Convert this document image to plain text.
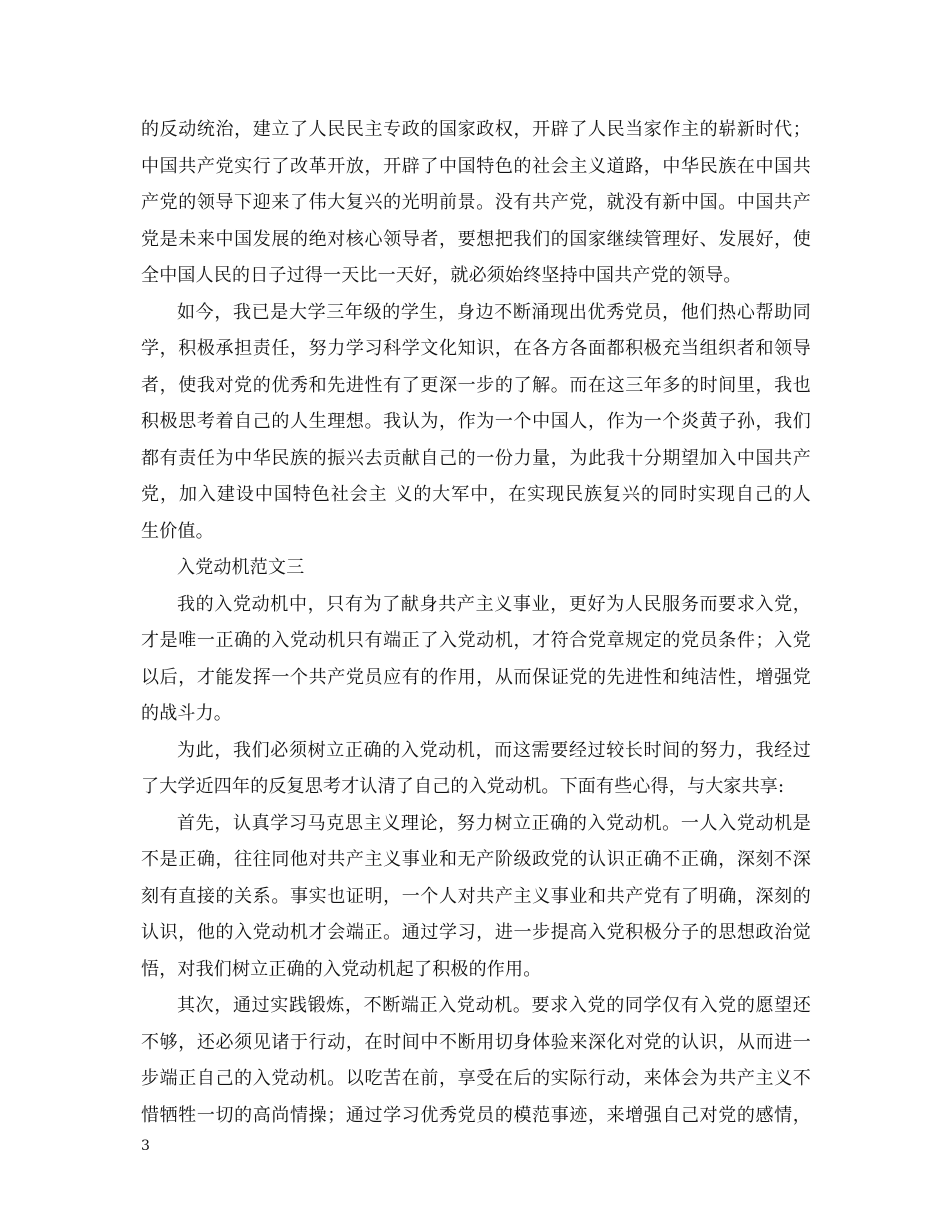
的反动统治，建立了人民民主专政的国家政权，开辟了人民当家作主的崭新时代；
中国共产党实行了改革开放，开辟了中国特色的社会主义道路，中华民族在中国共
产党的领导下迎来了伟大复兴的光明前景。没有共产党，就没有新中国。中国共产
党是未来中国发展的绝对核心领导者，要想把我们的国家继续管理好、发展好，使
全中国人民的日子过得一天比一天好，就必须始终坚持中国共产党的领导。
如今，我已是大学三年级的学生，身边不断涌现出优秀党员，他们热心帮助同
学，积极承担责任，努力学习科学文化知识，在各方各面都积极充当组织者和领导
者，使我对党的优秀和先进性有了更深一步的了解。而在这三年多的时间里，我也
积极思考着自己的人生理想。我认为，作为一个中国人，作为一个炎黄子孙，我们
都有责任为中华民族的振兴去贡献自己的一份力量，为此我十分期望加入中国共产
党，加入建设中国特色社会主 义的大军中，在实现民族复兴的同时实现自己的人
生价值。
入党动机范文三
我的入党动机中，只有为了献身共产主义事业，更好为人民服务而要求入党，
才是唯一正确的入党动机只有端正了入党动机，才符合党章规定的党员条件；入党
以后，才能发挥一个共产党员应有的作用，从而保证党的先进性和纯洁性，增强党
的战斗力。
为此，我们必须树立正确的入党动机，而这需要经过较长时间的努力，我经过
了大学近四年的反复思考才认清了自己的入党动机。下面有些心得，与大家共享:
首先，认真学习马克思主义理论，努力树立正确的入党动机。一人入党动机是
不是正确，往往同他对共产主义事业和无产阶级政党的认识正确不正确，深刻不深
刻有直接的关系。事实也证明，一个人对共产主义事业和共产党有了明确，深刻的
认识，他的入党动机才会端正。通过学习，进一步提高入党积极分子的思想政治觉
悟，对我们树立正确的入党动机起了积极的作用。
其次，通过实践锻炼，不断端正入党动机。要求入党的同学仅有入党的愿望还
不够，还必须见诸于行动，在时间中不断用切身体验来深化对党的认识，从而进一
步端正自己的入党动机。以吃苦在前，享受在后的实际行动，来体会为共产主义不
惜牺牲一切的高尚情操；通过学习优秀党员的模范事迹，来增强自己对党的感情，
3
